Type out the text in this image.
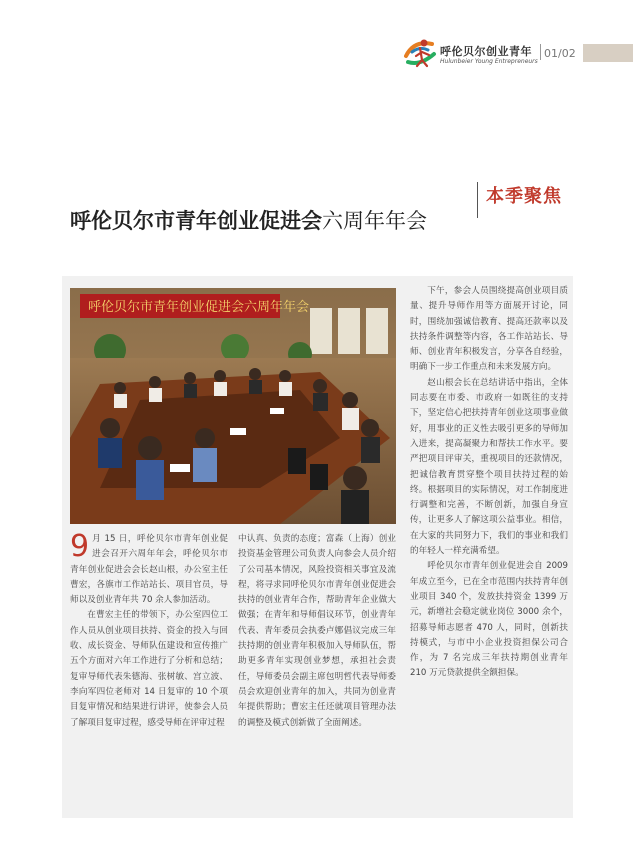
呼伦贝尔创业青年
Hulunbeier Young Entrepreneurs
01/02
本季聚焦
呼伦贝尔市青年创业促进会六周年年会
呼伦贝尔市青年创业促进会六周年年会

9 月 15 日，呼伦贝尔市青年创业促进会召开六周年年会，呼伦贝尔市青年创业促进会会长赵山根，办公室主任曹宏，各旗市工作站站长、项目官员，导师以及创业青年共 70 余人参加活动。

在曹宏主任的带领下，办公室四位工作人员从创业项目扶持、资金的投入与回收、成长资金、导师队伍建设和宣传推广五个方面对六年工作进行了分析和总结；复审导师代表朱德海、张树敏、宫立波、李向军四位老师对 14 日复审的 10 个项目复审情况和结果进行讲评，使参会人员了解项目复审过程，感受导师在评审过程

中认真、负责的态度；富森（上海）创业投资基金管理公司负责人向参会人员介绍了公司基本情况，风险投资相关事宜及流程，将寻求同呼伦贝尔市青年创业促进会扶持的创业青年合作，帮助青年企业做大做强；在青年和导师倡议环节，创业青年代表、青年委员会执委卢娜倡议完成三年扶持期的创业青年积极加入导师队伍，帮助更多青年实现创业梦想，承担社会责任，导师委员会副主席包明哲代表导师委员会欢迎创业青年的加入，共同为创业青年提供帮助；曹宏主任还就项目管理办法的调整及模式创新做了全面阐述。

下午，参会人员围绕提高创业项目质量、提升导师作用等方面展开讨论，同时，围绕加强诚信教育、提高还款率以及扶持条件调整等内容，各工作站站长、导师、创业青年积极发言，分享各自经验，明确下一步工作重点和未来发展方向。

赵山根会长在总结讲话中指出，全体同志要在市委、市政府一如既往的支持下，坚定信心把扶持青年创业这项事业做好，用事业的正义性去吸引更多的导师加入进来，提高凝聚力和帮扶工作水平。要严把项目评审关，重视项目的还款情况，把诚信教育贯穿整个项目扶持过程的始终。根据项目的实际情况，对工作制度进行调整和完善，不断创新，加强自身宣传，让更多人了解这项公益事业。相信，在大家的共同努力下，我们的事业和我们的年轻人一样充满希望。

呼伦贝尔市青年创业促进会自 2009 年成立至今，已在全市范围内扶持青年创业项目 340 个，发放扶持资金 1399 万元，新增社会稳定就业岗位 3000 余个，招募导师志愿者 470 人，同时，创新扶持模式，与市中小企业投资担保公司合作，为 7 名完成三年扶持期创业青年 210 万元贷款提供全额担保。
